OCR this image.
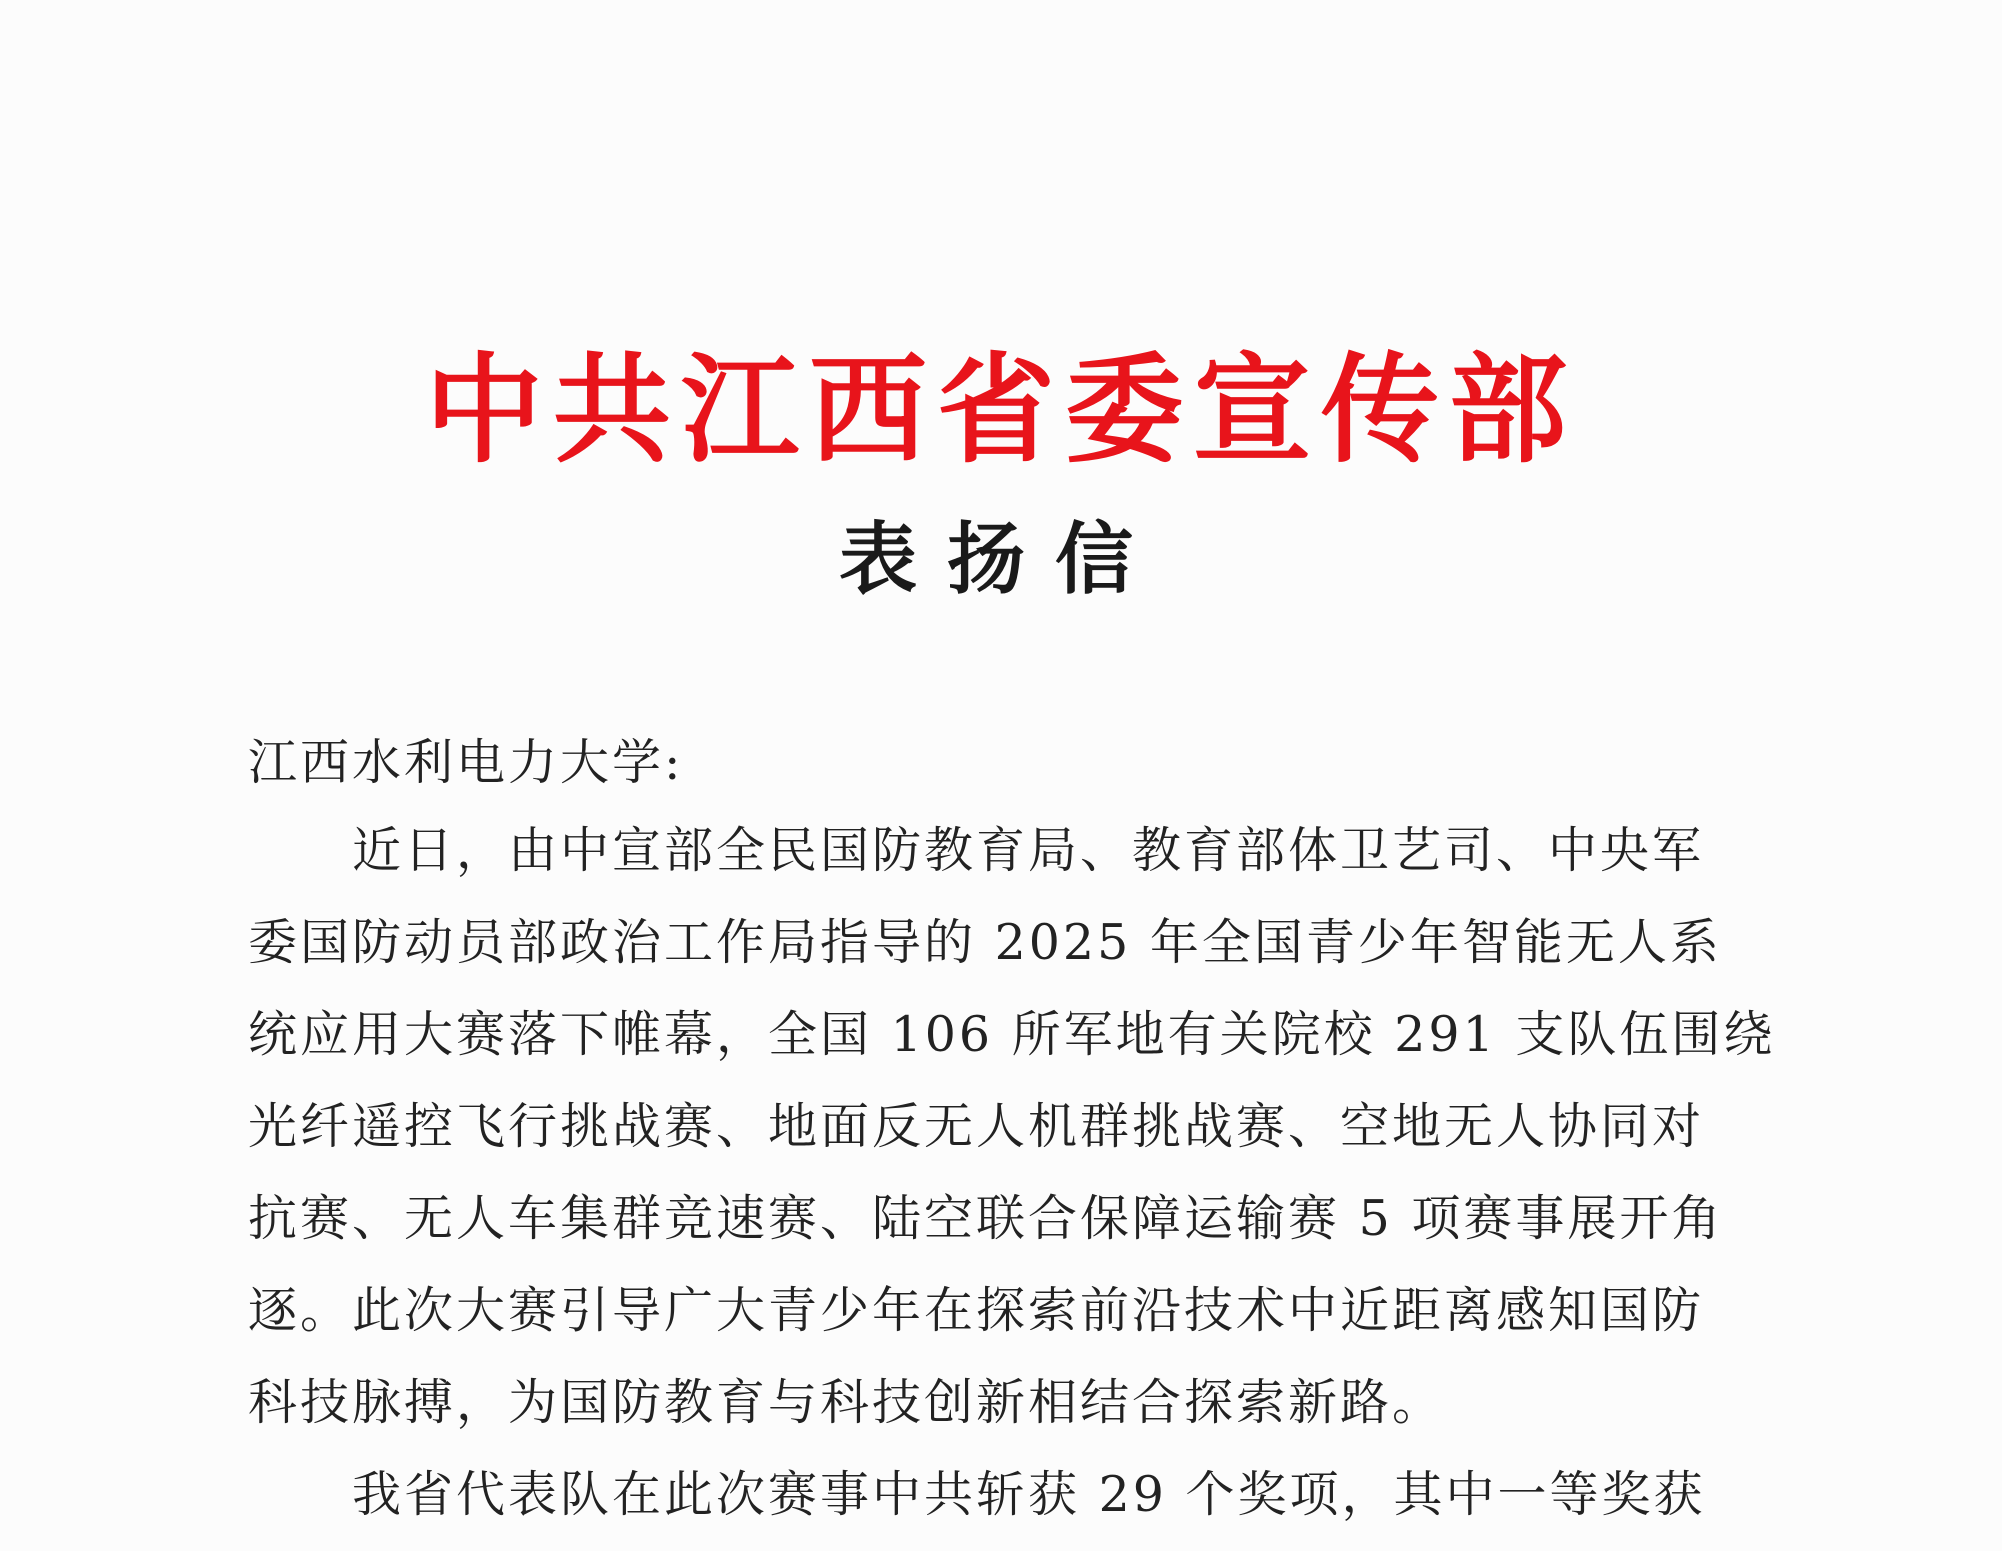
中共江西省委宣传部
表扬信
江西水利电力大学:
　　近日，由中宣部全民国防教育局、教育部体卫艺司、中央军
委国防动员部政治工作局指导的 2025 年全国青少年智能无人系
统应用大赛落下帷幕，全国 106 所军地有关院校 291 支队伍围绕
光纤遥控飞行挑战赛、地面反无人机群挑战赛、空地无人协同对
抗赛、无人车集群竞速赛、陆空联合保障运输赛 5 项赛事展开角
逐。此次大赛引导广大青少年在探索前沿技术中近距离感知国防
科技脉搏，为国防教育与科技创新相结合探索新路。
　　我省代表队在此次赛事中共斩获 29 个奖项，其中一等奖获
